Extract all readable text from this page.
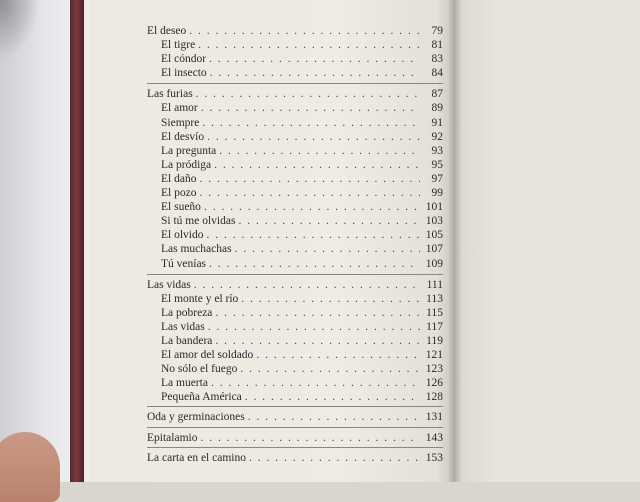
El deseo . . .	79
El tigre . . .	81
El cóndor . . .	83
El insecto . . .	84
Las furias . . .	87
El amor . . .	89
Siempre . . .	91
El desvío . . .	92
La pregunta . . .	93
La pródiga . . .	95
El daño . . .	97
El pozo . . .	99
El sueño . . .	101
Si tú me olvidas . . .	103
El olvido . . .	105
Las muchachas . . .	107
Tú venías . . .	109
Las vidas . . .	111
El monte y el río . . .	113
La pobreza . . .	115
Las vidas . . .	117
La bandera . . .	119
El amor del soldado . . .	121
No sólo el fuego . . .	123
La muerta . . .	126
Pequeña América . . .	128
Oda y germinaciones . . .	131
Epitalamio . . .	143
La carta en el camino . . .	153
